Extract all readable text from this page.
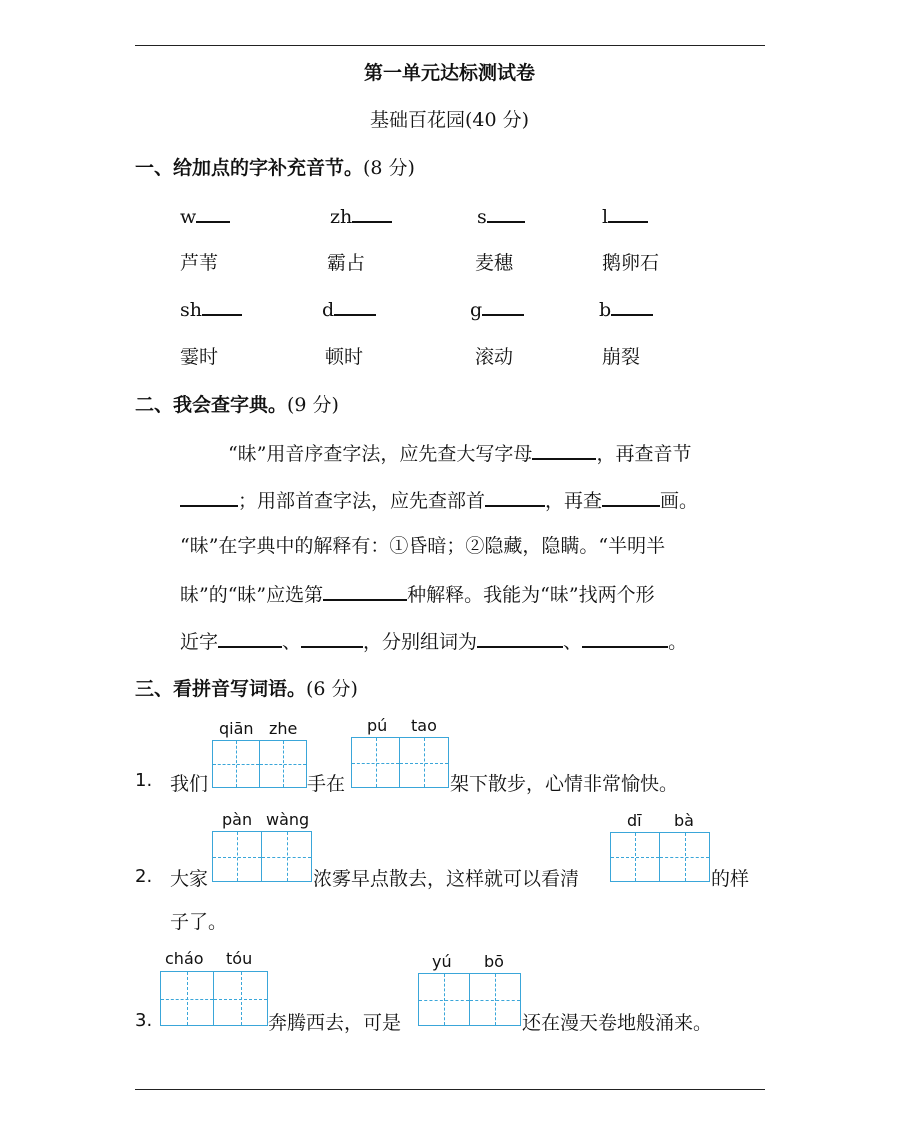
第一单元达标测试卷
基础百花园(40 分)
一、给加点的字补充音节。(8 分)
w	zh	s	l
芦苇	霸占	麦穗	鹅卵石
sh	d	g	b
霎时	顿时	滚动	崩裂
二、我会查字典。(9 分)
“昧”用音序查字法，应先查大写字母	，再查音节
；用部首查字法，应先查部首	，再查	画。
“昧”在字典中的解释有：①昏暗；②隐藏，隐瞒。“半明半
昧”的“昧”应选第	种解释。我能为“昧”找两个形
近字	、	，分别组词为	、	。
三、看拼音写词语。(6 分)
qiān zhe	pú tao
1. 我们	手在	架下散步，心情非常愉快。
pàn wàng	dī bà
2. 大家	浓雾早点散去，这样就可以看清	的样
子了。
cháo tóu	yú bō
3.	奔腾西去，可是	还在漫天卷地般涌来。
